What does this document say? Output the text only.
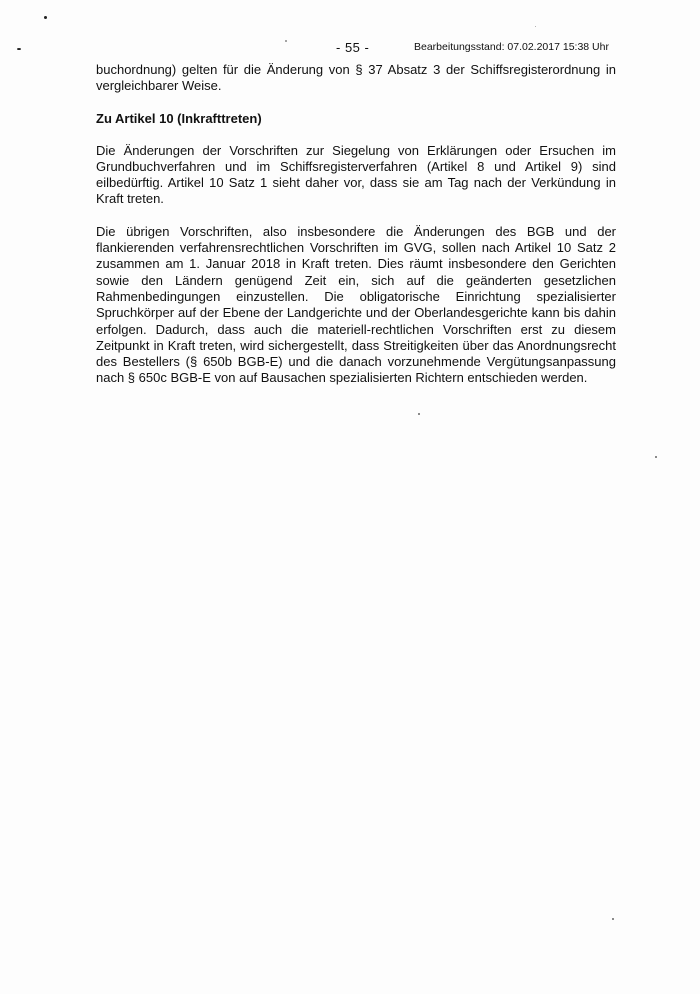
- 55 -	Bearbeitungsstand: 07.02.2017 15:38 Uhr

buchordnung) gelten für die Änderung von § 37 Absatz 3 der Schiffsregisterordnung in vergleichbarer Weise.

Zu Artikel 10 (Inkrafttreten)

Die Änderungen der Vorschriften zur Siegelung von Erklärungen oder Ersuchen im Grundbuchverfahren und im Schiffsregisterverfahren (Artikel 8 und Artikel 9) sind eilbedürftig. Artikel 10 Satz 1 sieht daher vor, dass sie am Tag nach der Verkündung in Kraft treten.

Die übrigen Vorschriften, also insbesondere die Änderungen des BGB und der flankierenden verfahrensrechtlichen Vorschriften im GVG, sollen nach Artikel 10 Satz 2 zusammen am 1. Januar 2018 in Kraft treten. Dies räumt insbesondere den Gerichten sowie den Ländern genügend Zeit ein, sich auf die geänderten gesetzlichen Rahmenbedingungen einzustellen. Die obligatorische Einrichtung spezialisierter Spruchkörper auf der Ebene der Landgerichte und der Oberlandesgerichte kann bis dahin erfolgen. Dadurch, dass auch die materiell-rechtlichen Vorschriften erst zu diesem Zeitpunkt in Kraft treten, wird sichergestellt, dass Streitigkeiten über das Anordnungsrecht des Bestellers (§ 650b BGB-E) und die danach vorzunehmende Vergütungsanpassung nach § 650c BGB-E von auf Bausachen spezialisierten Richtern entschieden werden.
